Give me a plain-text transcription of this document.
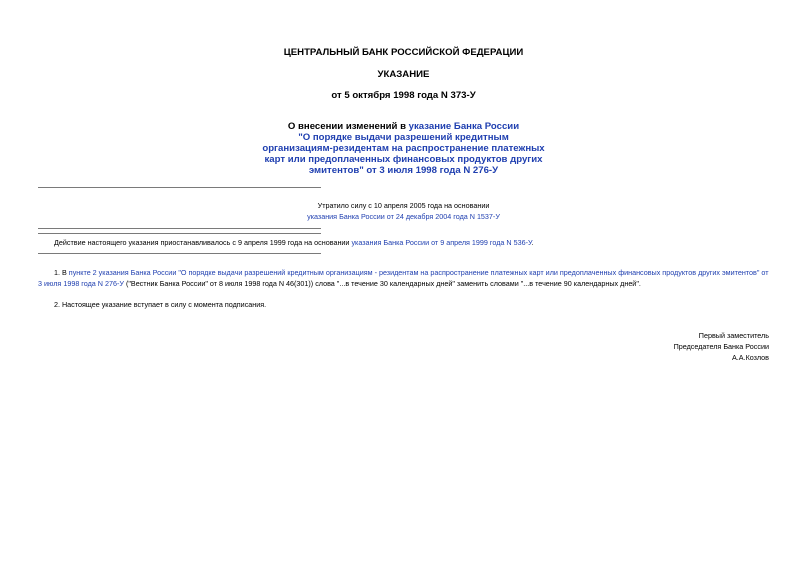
ЦЕНТРАЛЬНЫЙ БАНК РОССИЙСКОЙ ФЕДЕРАЦИИ
УКАЗАНИЕ
от 5 октября 1998 года N 373-У
О внесении изменений в указание Банка России
"О порядке выдачи разрешений кредитным
организациям-резидентам на распространение платежных
карт или предоплаченных финансовых продуктов других
эмитентов" от 3 июля 1998 года N 276-У
Утратило силу с 10 апреля 2005 года на основании
указания Банка России от 24 декабря 2004 года N 1537-У
Действие настоящего указания приостанавливалось с 9 апреля 1999 года на основании указания Банка России от 9 апреля 1999 года N 536-У.
1. В пункте 2 указания Банка России "О порядке выдачи разрешений кредитным организациям - резидентам на распространение платежных карт или предоплаченных финансовых продуктов других эмитентов" от 3 июля 1998 года N 276-У ("Вестник Банка России" от 8 июля 1998 года N 46(301)) слова "...в течение 30 календарных дней" заменить словами "...в течение 90 календарных дней".
2. Настоящее указание вступает в силу с момента подписания.
Первый заместитель
Председателя Банка России
А.А.Козлов
